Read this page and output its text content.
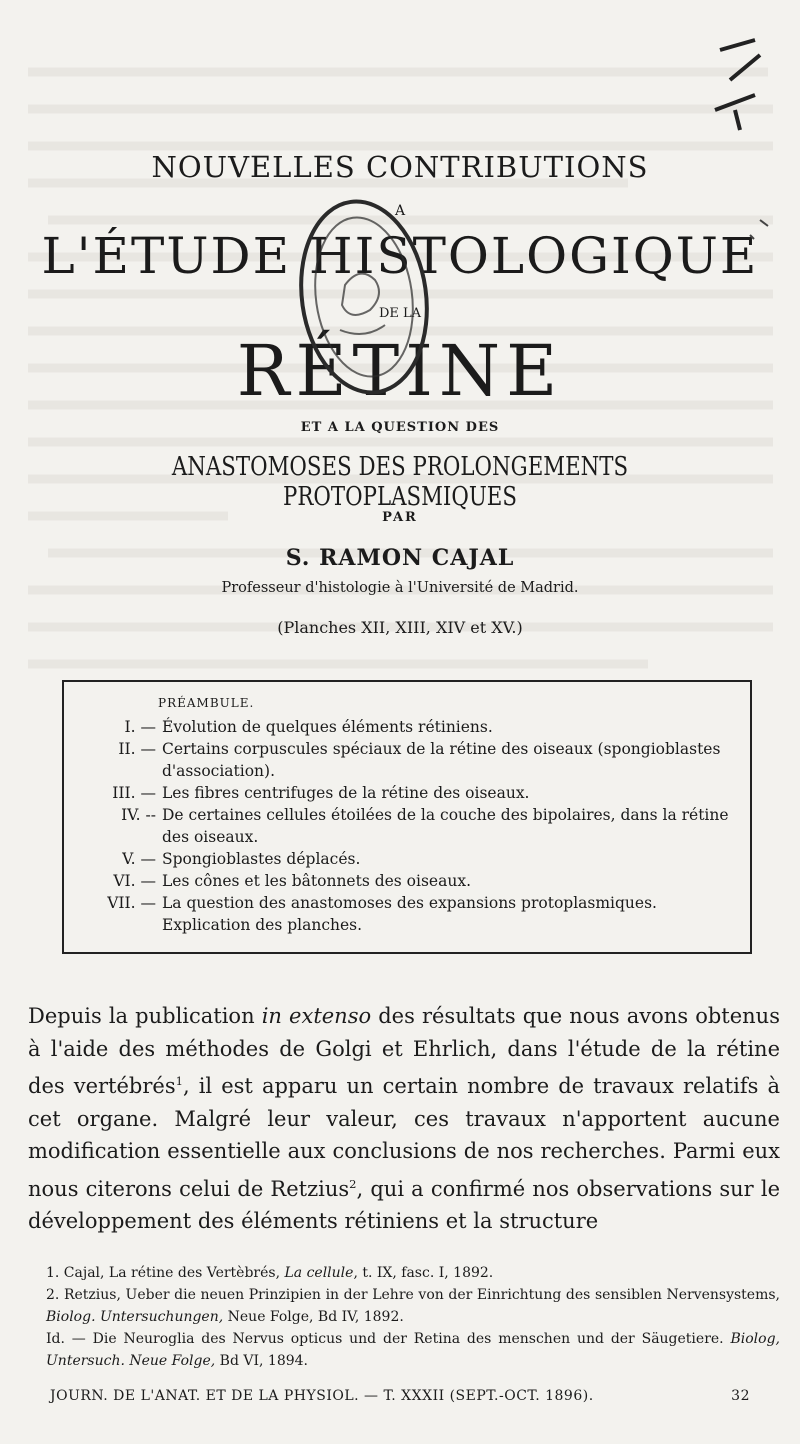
NOUVELLES CONTRIBUTIONS
A
L'ÉTUDE HISTOLOGIQUE
DE LA
RÉTINE
ET A LA QUESTION DES
ANASTOMOSES DES PROLONGEMENTS PROTOPLASMIQUES
PAR
S. RAMON CAJAL
Professeur d'histologie à l'Université de Madrid.
(Planches XII, XIII, XIV et XV.)
PRÉAMBULE.
I. — Évolution de quelques éléments rétiniens.
II. — Certains corpuscules spéciaux de la rétine des oiseaux (spongioblastes d'association).
III. — Les fibres centrifuges de la rétine des oiseaux.
IV. -- De certaines cellules étoilées de la couche des bipolaires, dans la rétine des oiseaux.
V. — Spongioblastes déplacés.
VI. — Les cônes et les bâtonnets des oiseaux.
VII. — La question des anastomoses des expansions protoplasmiques.
Explication des planches.
Depuis la publication in extenso des résultats que nous avons obtenus à l'aide des méthodes de Golgi et Ehrlich, dans l'étude de la rétine des vertébrés$^1$, il est apparu un certain nombre de travaux relatifs à cet organe. Malgré leur valeur, ces travaux n'apportent aucune modification essentielle aux conclusions de nos recherches. Parmi eux nous citerons celui de Retzius$^2$, qui a confirmé nos observations sur le développement des éléments rétiniens et la structure
1. Cajal, La rétine des Vertèbrés, La cellule, t. IX, fasc. I, 1892.
2. Retzius, Ueber die neuen Prinzipien in der Lehre von der Einrichtung des sensiblen Nervensystems, Biolog. Untersuchungen, Neue Folge, Bd IV, 1892.
Id. — Die Neuroglia des Nervus opticus und der Retina des menschen und der Säugetiere. Biolog, Untersuch. Neue Folge, Bd VI, 1894.
JOURN. DE L'ANAT. ET DE LA PHYSIOL. — T. XXXII (SEPT.-OCT. 1896).	32
